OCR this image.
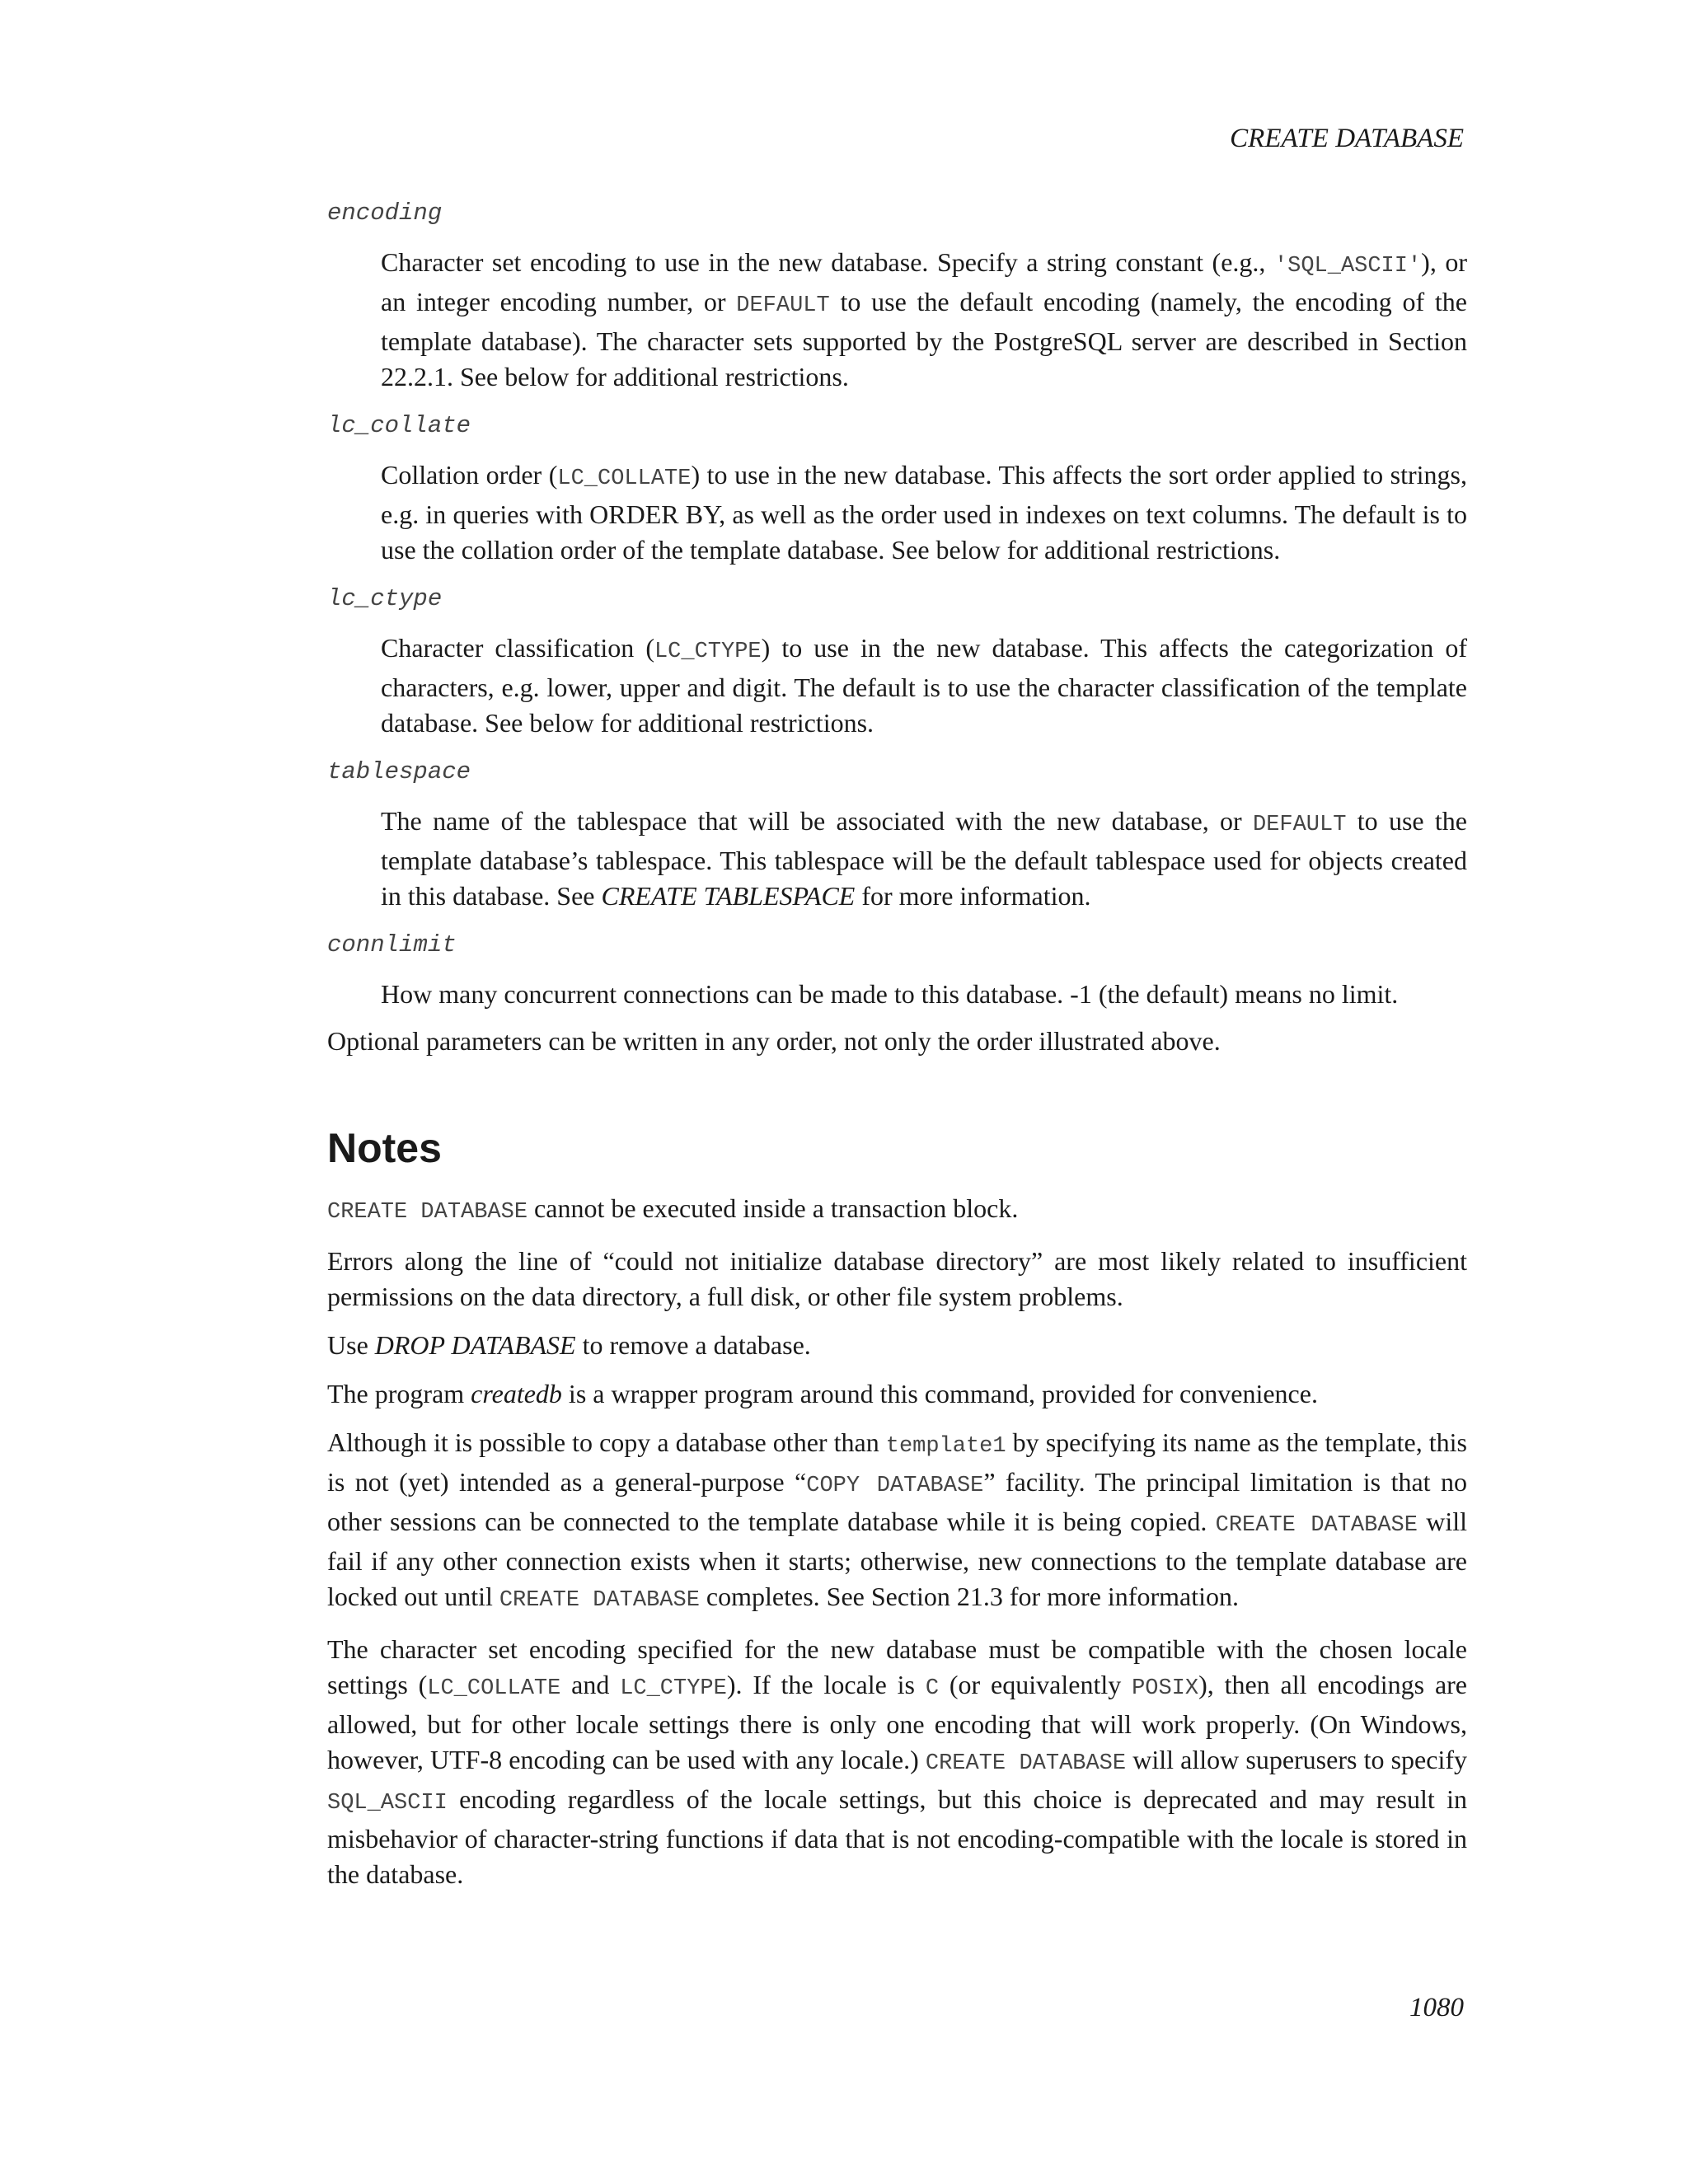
CREATE DATABASE
encoding
Character set encoding to use in the new database. Specify a string constant (e.g., 'SQL_ASCII'), or an integer encoding number, or DEFAULT to use the default encoding (namely, the encoding of the template database). The character sets supported by the PostgreSQL server are described in Section 22.2.1. See below for additional restrictions.
lc_collate
Collation order (LC_COLLATE) to use in the new database. This affects the sort order applied to strings, e.g. in queries with ORDER BY, as well as the order used in indexes on text columns. The default is to use the collation order of the template database. See below for additional restrictions.
lc_ctype
Character classification (LC_CTYPE) to use in the new database. This affects the categorization of characters, e.g. lower, upper and digit. The default is to use the character classification of the template database. See below for additional restrictions.
tablespace
The name of the tablespace that will be associated with the new database, or DEFAULT to use the template database’s tablespace. This tablespace will be the default tablespace used for objects created in this database. See CREATE TABLESPACE for more information.
connlimit
How many concurrent connections can be made to this database. -1 (the default) means no limit.
Optional parameters can be written in any order, not only the order illustrated above.
Notes
CREATE DATABASE cannot be executed inside a transaction block.
Errors along the line of “could not initialize database directory” are most likely related to insufficient permissions on the data directory, a full disk, or other file system problems.
Use DROP DATABASE to remove a database.
The program createdb is a wrapper program around this command, provided for convenience.
Although it is possible to copy a database other than template1 by specifying its name as the template, this is not (yet) intended as a general-purpose “COPY DATABASE” facility. The principal limitation is that no other sessions can be connected to the template database while it is being copied. CREATE DATABASE will fail if any other connection exists when it starts; otherwise, new connections to the template database are locked out until CREATE DATABASE completes. See Section 21.3 for more information.
The character set encoding specified for the new database must be compatible with the chosen locale settings (LC_COLLATE and LC_CTYPE). If the locale is C (or equivalently POSIX), then all encodings are allowed, but for other locale settings there is only one encoding that will work properly. (On Windows, however, UTF-8 encoding can be used with any locale.) CREATE DATABASE will allow superusers to specify SQL_ASCII encoding regardless of the locale settings, but this choice is deprecated and may result in misbehavior of character-string functions if data that is not encoding-compatible with the locale is stored in the database.
1080
